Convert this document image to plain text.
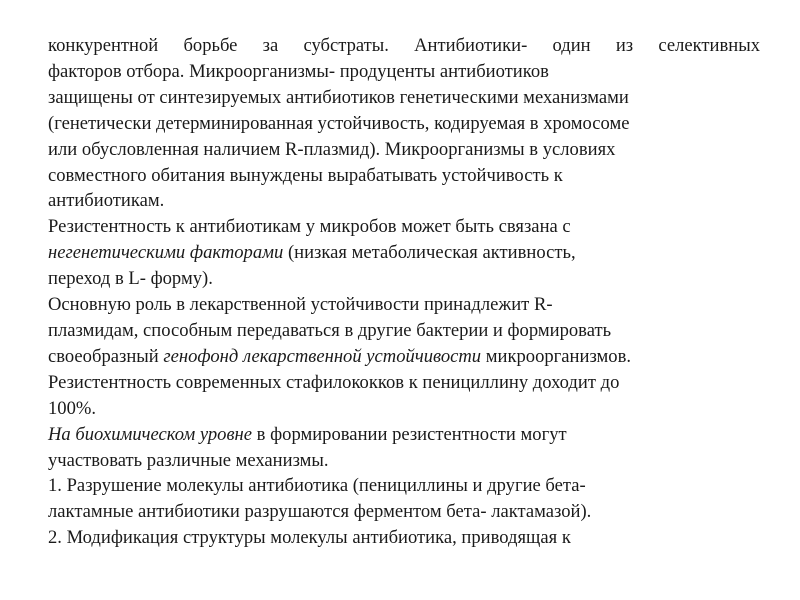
конкурентной борьбе за субстраты. Антибиотики- один из селективных
факторов отбора. Микроорганизмы- продуценты антибиотиков
защищены от синтезируемых антибиотиков генетическими механизмами
(генетически детерминированная устойчивость, кодируемая в хромосоме
или обусловленная наличием R-плазмид). Микроорганизмы в условиях
совместного обитания вынуждены вырабатывать устойчивость к
антибиотикам.
Резистентность к антибиотикам у микробов может быть связана с
негенетическими факторами (низкая метаболическая активность,
переход в L- форму).
Основную роль в лекарственной устойчивости принадлежит R-
плазмидам, способным передаваться в другие бактерии и формировать
своеобразный генофонд лекарственной устойчивости микроорганизмов.
Резистентность современных стафилококков к пенициллину доходит до
100%.
На биохимическом уровне в формировании резистентности могут
участвовать различные механизмы.
1. Разрушение молекулы антибиотика (пенициллины и другие бета-
лактамные антибиотики разрушаются ферментом бета- лактамазой).
2. Модификация структуры молекулы антибиотика, приводящая к
